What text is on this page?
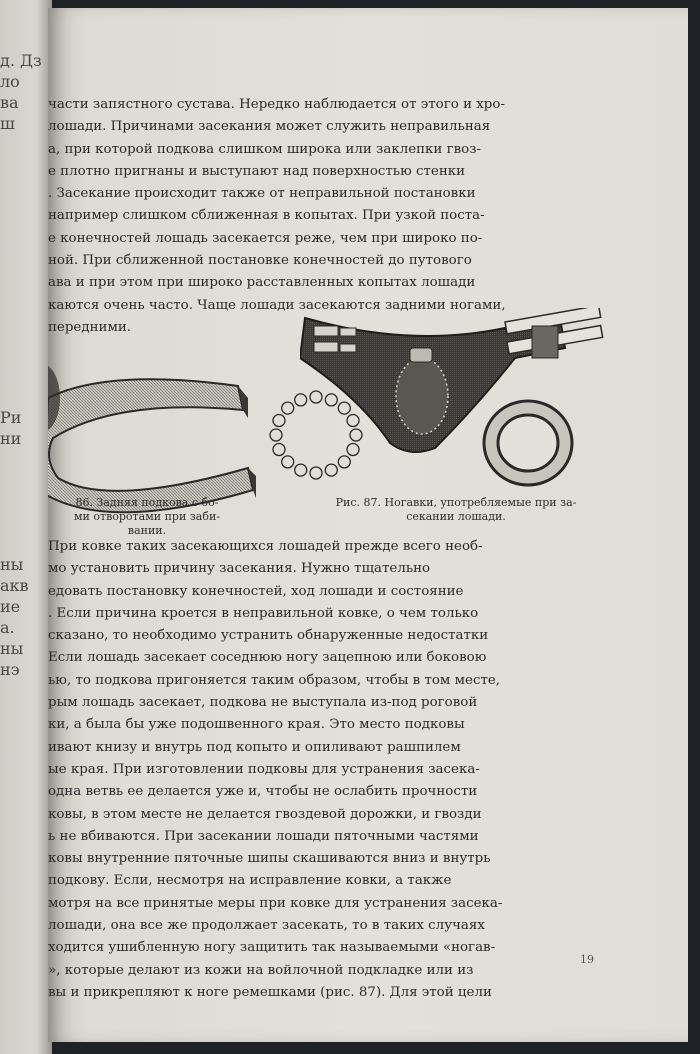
д. Дз
ло
ва
ш
Ри
ни
ны
акв
ие
а.
ны
нэ
части запястного сустава. Нередко наблюдается от этого и хро-
лошади. Причинами засекания может служить неправильная
а, при которой подкова слишком широка или заклепки гвоз-
е плотно пригнаны и выступают над поверхностью стенки
. Засекание происходит также от неправильной постановки
например слишком сближенная в копытах. При узкой поста-
е конечностей лошадь засекается реже, чем при широко по-
ной. При сближенной постановке конечностей до путового
ава и при этом при широко расставленных копытах лошади
каются очень часто. Чаще лошади засекаются задними ногами,
передними.
86. Задняя подкова с бо-
ми отворотами при заби-
вании.
Рис. 87. Ногавки, употребляемые при за-
секании лошади.
При ковке таких засекающихся лошадей прежде всего необ-
мо установить причину засекания. Нужно тщательно
едовать постановку конечностей, ход лошади и состояние
. Если причина кроется в неправильной ковке, о чем только
сказано, то необходимо устранить обнаруженные недостатки
Если лошадь засекает соседнюю ногу зацепною или боковою
ью, то подкова пригоняется таким образом, чтобы в том месте,
рым лошадь засекает, подкова не выступала из-под роговой
ки, а была бы уже подошвенного края. Это место подковы
ивают книзу и внутрь под копыто и опиливают рашпилем
ые края. При изготовлении подковы для устранения засека-
одна ветвь ее делается уже и, чтобы не ослабить прочности
ковы, в этом месте не делается гвоздевой дорожки, и гвозди
ь не вбиваются. При засекании лошади пяточными частями
ковы внутренние пяточные шипы скашиваются вниз и внутрь
подкову. Если, несмотря на исправление ковки, а также
мотря на все принятые меры при ковке для устранения засека-
лошади, она все же продолжает засекать, то в таких случаях
ходится ушибленную ногу защитить так называемыми «ногав-
», которые делают из кожи на войлочной подкладке или из
вы и прикрепляют к ноге ремешками (рис. 87). Для этой цели
19
